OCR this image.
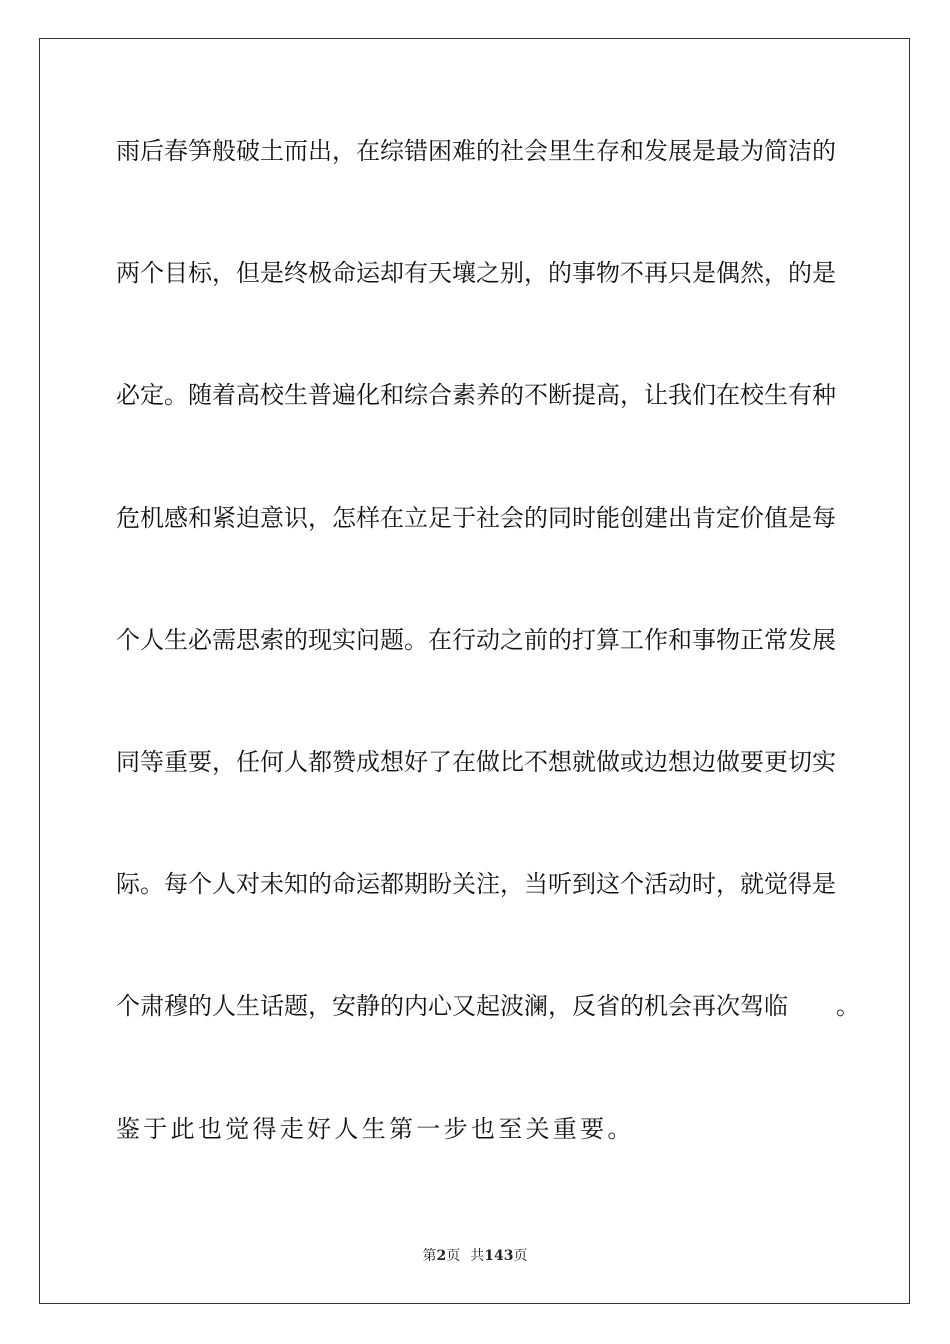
雨后春笋般破土而出，在综错困难的社会里生存和发展是最为简洁的
两个目标，但是终极命运却有天壤之别，的事物不再只是偶然，的是
必定。随着高校生普遍化和综合素养的不断提高，让我们在校生有种
危机感和紧迫意识，怎样在立足于社会的同时能创建出肯定价值是每
个人生必需思索的现实问题。在行动之前的打算工作和事物正常发展
同等重要，任何人都赞成想好了在做比不想就做或边想边做要更切实
际。每个人对未知的命运都期盼关注，当听到这个活动时，就觉得是
个肃穆的人生话题，安静的内心又起波澜，反省的机会再次驾临　　。
鉴于此也觉得走好人生第一步也至关重要。
第2页 共143页
